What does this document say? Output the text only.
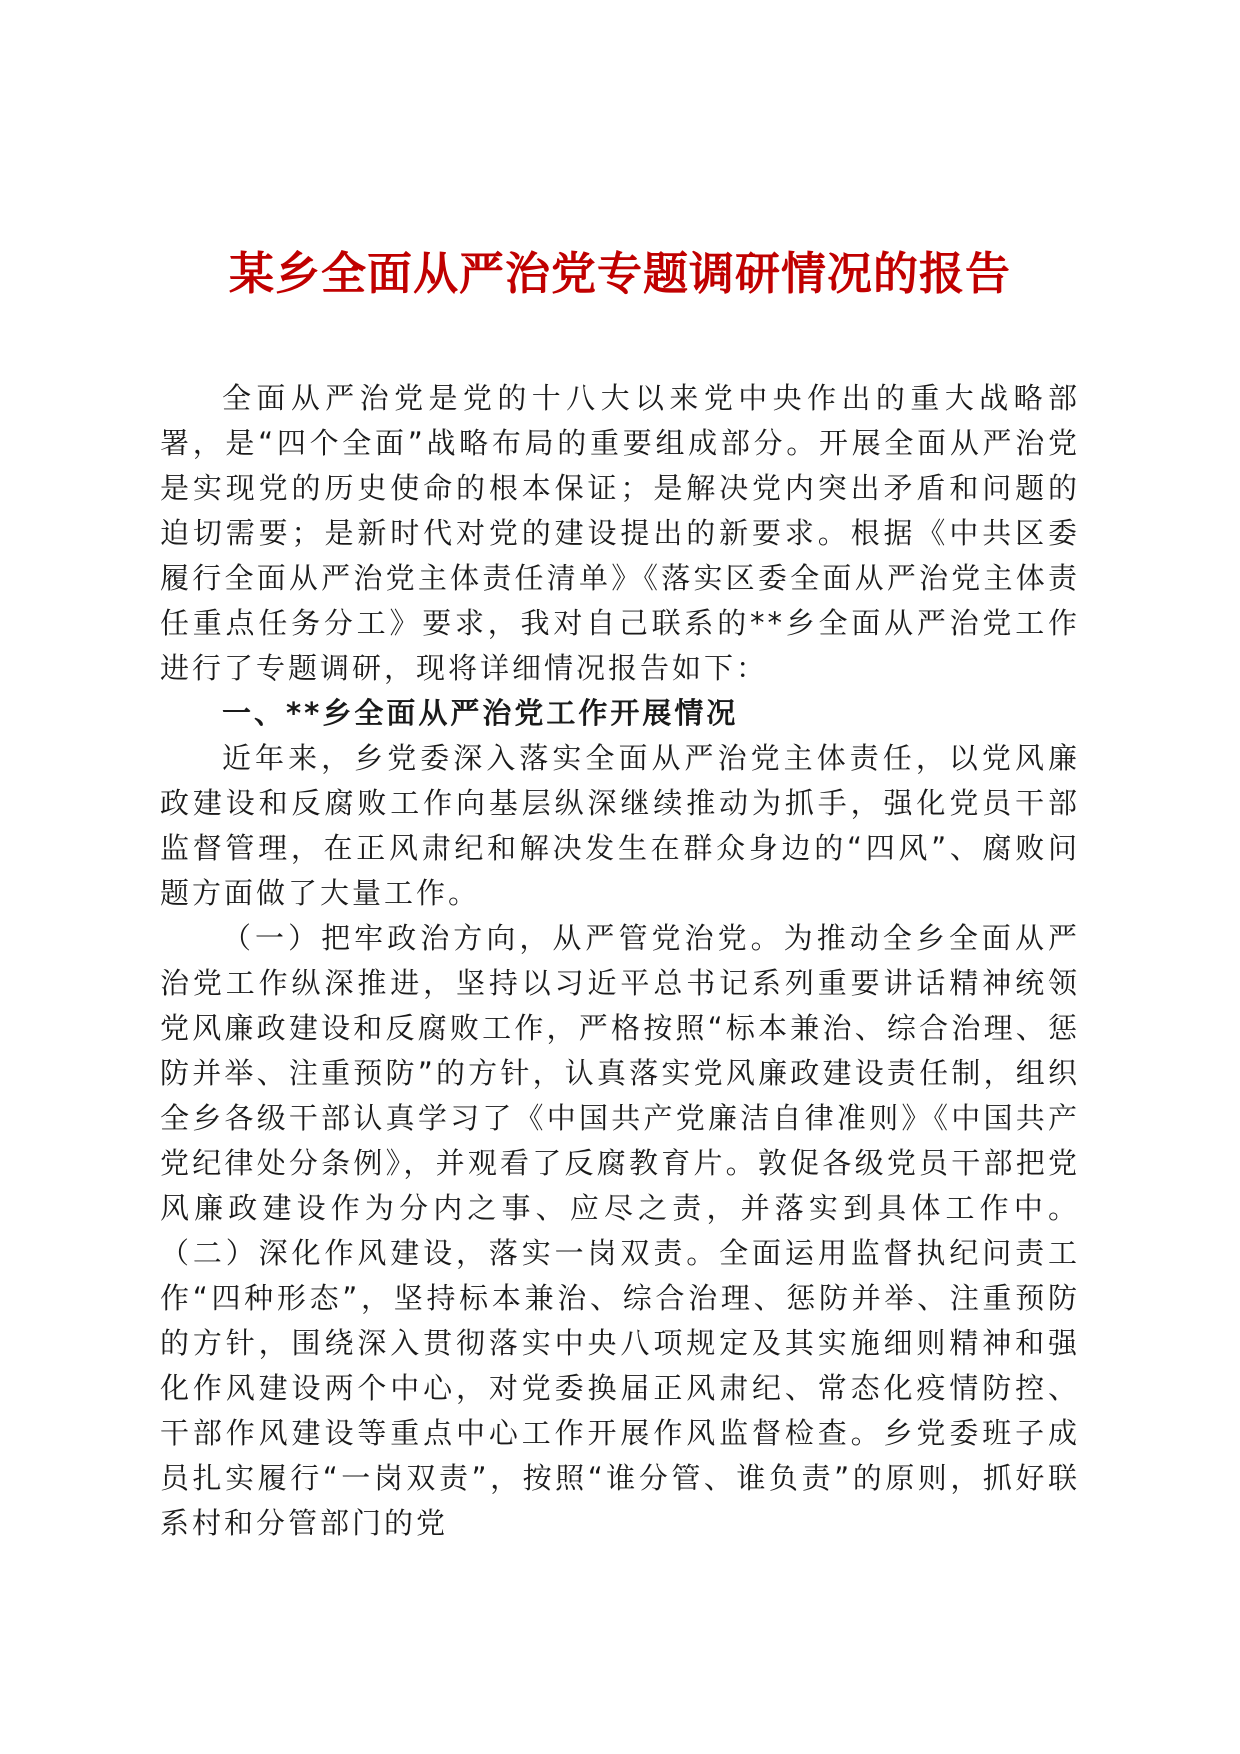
某乡全面从严治党专题调研情况的报告

全面从严治党是党的十八大以来党中央作出的重大战略部署，是“四个全面”战略布局的重要组成部分。开展全面从严治党是实现党的历史使命的根本保证；是解决党内突出矛盾和问题的迫切需要；是新时代对党的建设提出的新要求。根据《中共区委履行全面从严治党主体责任清单》《落实区委全面从严治党主体责任重点任务分工》要求，我对自己联系的**乡全面从严治党工作进行了专题调研，现将详细情况报告如下：

一、**乡全面从严治党工作开展情况

近年来，乡党委深入落实全面从严治党主体责任，以党风廉政建设和反腐败工作向基层纵深继续推动为抓手，强化党员干部监督管理，在正风肃纪和解决发生在群众身边的“四风”、腐败问题方面做了大量工作。

（一）把牢政治方向，从严管党治党。为推动全乡全面从严治党工作纵深推进，坚持以习近平总书记系列重要讲话精神统领党风廉政建设和反腐败工作，严格按照“标本兼治、综合治理、惩防并举、注重预防”的方针，认真落实党风廉政建设责任制，组织全乡各级干部认真学习了《中国共产党廉洁自律准则》《中国共产党纪律处分条例》，并观看了反腐教育片。敦促各级党员干部把党风廉政建设作为分内之事、应尽之责，并落实到具体工作中。（二）深化作风建设，落实一岗双责。全面运用监督执纪问责工作“四种形态”，坚持标本兼治、综合治理、惩防并举、注重预防的方针，围绕深入贯彻落实中央八项规定及其实施细则精神和强化作风建设两个中心，对党委换届正风肃纪、常态化疫情防控、干部作风建设等重点中心工作开展作风监督检查。乡党委班子成员扎实履行“一岗双责”，按照“谁分管、谁负责”的原则，抓好联系村和分管部门的党
